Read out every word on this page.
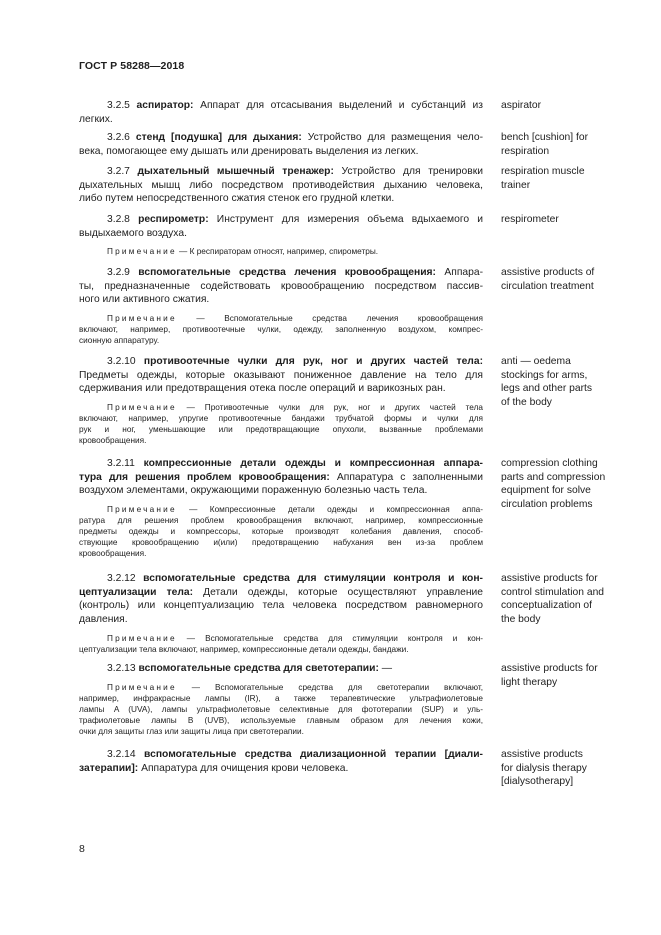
ГОСТ Р 58288—2018
3.2.5 аспиратор: Аппарат для отсасывания выделений и субстанций из
легких.
aspirator
3.2.6 стенд [подушка] для дыхания: Устройство для размещения чело-
века, помогающее ему дышать или дренировать выделения из легких.
bench [cushion] for
respiration
3.2.7 дыхательный мышечный тренажер: Устройство для тренировки
дыхательных мышц либо посредством противодействия дыханию человека,
либо путем непосредственного сжатия стенок его грудной клетки.
respiration muscle
trainer
3.2.8 респирометр: Инструмент для измерения объема вдыхаемого и
выдыхаемого воздуха.
Примечание — К респираторам относят, например, спирометры.
respirometer
3.2.9 вспомогательные средства лечения кровообращения: Аппара-
ты, предназначенные содействовать кровообращению посредством пассив-
ного или активного сжатия.
Примечание — Вспомогательные средства лечения кровообращения
включают, например, противоотечные чулки, одежду, заполненную воздухом, компрес-
сионную аппаратуру.
assistive products of
circulation treatment
3.2.10 противоотечные чулки для рук, ног и других частей тела:
Предметы одежды, которые оказывают пониженное давление на тело для
сдерживания или предотвращения отека после операций и варикозных ран.
Примечание — Противоотечные чулки для рук, ног и других частей тела
включают, например, упругие противоотечные бандажи трубчатой формы и чулки для
рук и ног, уменьшающие или предотвращающие опухоли, вызванные проблемами
кровообращения.
anti — oedema
stockings for arms,
legs and other parts
of the body
3.2.11 компрессионные детали одежды и компрессионная аппара-
тура для решения проблем кровообращения: Аппаратура с заполненными
воздухом элементами, окружающими пораженную болезнью часть тела.
Примечание — Компрессионные детали одежды и компрессионная аппа-
ратура для решения проблем кровообращения включают, например, компрессионные
предметы одежды и компрессоры, которые производят колебания давления, способ-
ствующие кровообращению и(или) предотвращению набухания вен из-за проблем
кровообращения.
compression clothing
parts and compression
equipment for solve
circulation problems
3.2.12 вспомогательные средства для стимуляции контроля и кон-
цептуализации тела: Детали одежды, которые осуществляют управление
(контроль) или концептуализацию тела человека посредством равномерного
давления.
Примечание — Вспомогательные средства для стимуляции контроля и кон-
цептуализации тела включают, например, компрессионные детали одежды, бандажи.
assistive products for
control stimulation and
conceptualization of
the body
3.2.13 вспомогательные средства для светотерапии: —
Примечание — Вспомогательные средства для светотерапии включают,
например, инфракрасные лампы (IR), а также терапевтические ультрафиолетовые
лампы A (UVA), лампы ультрафиолетовые селективные для фототерапии (SUP) и уль-
трафиолетовые лампы B (UVB), используемые главным образом для лечения кожи,
очки для защиты глаз или защиты лица при светотерапии.
assistive products for
light therapy
3.2.14 вспомогательные средства диализационной терапии [диали-
затерапии]: Аппаратура для очищения крови человека.
assistive products
for dialysis therapy
[dialysotherapy]
8
